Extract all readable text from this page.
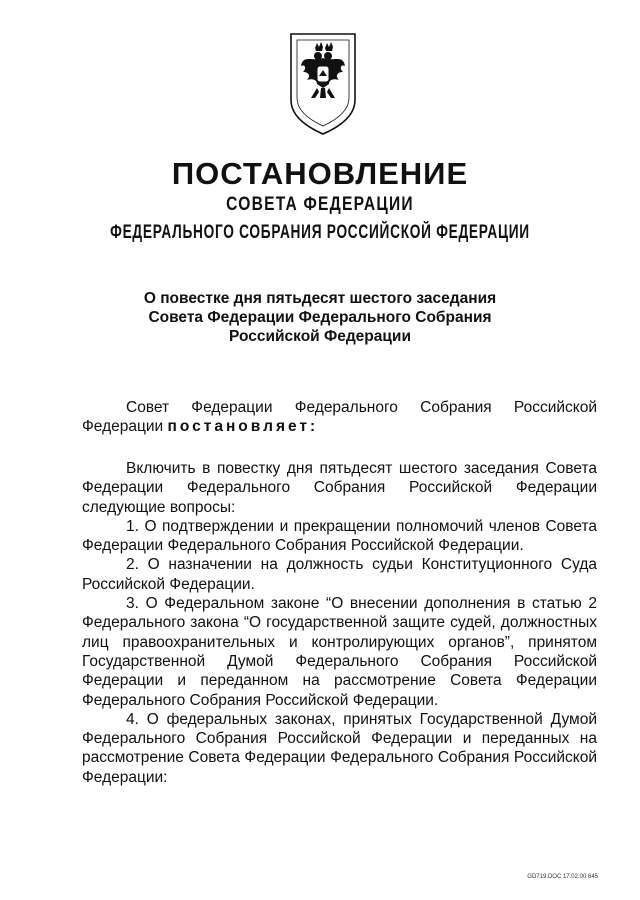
ПОСТАНОВЛЕНИЕ
СОВЕТА ФЕДЕРАЦИИ
ФЕДЕРАЛЬНОГО СОБРАНИЯ РОССИЙСКОЙ ФЕДЕРАЦИИ
О повестке дня пятьдесят шестого заседания
Совета Федерации Федерального Собрания
Российской Федерации

Совет Федерации Федерального Собрания Российской Федерации постановляет:

Включить в повестку дня пятьдесят шестого заседания Совета Федерации Федерального Собрания Российской Федерации следующие вопросы:

1. О подтверждении и прекращении полномочий членов Совета Федерации Федерального Собрания Российской Федерации.

2. О назначении на должность судьи Конституционного Суда Российской Федерации.

3. О Федеральном законе “О внесении дополнения в статью 2 Федерального закона “О государственной защите судей, должностных лиц правоохранительных и контролирующих органов”, принятом Государственной Думой Федерального Собрания Российской Федерации и переданном на рассмотрение Совета Федерации Федерального Собрания Российской Федерации.

4. О федеральных законах, принятых Государственной Думой Федерального Собрания Российской Федерации и переданных на рассмотрение Совета Федерации Федерального Собрания Российской Федерации:

GD719.DOC 17.02.00 645
